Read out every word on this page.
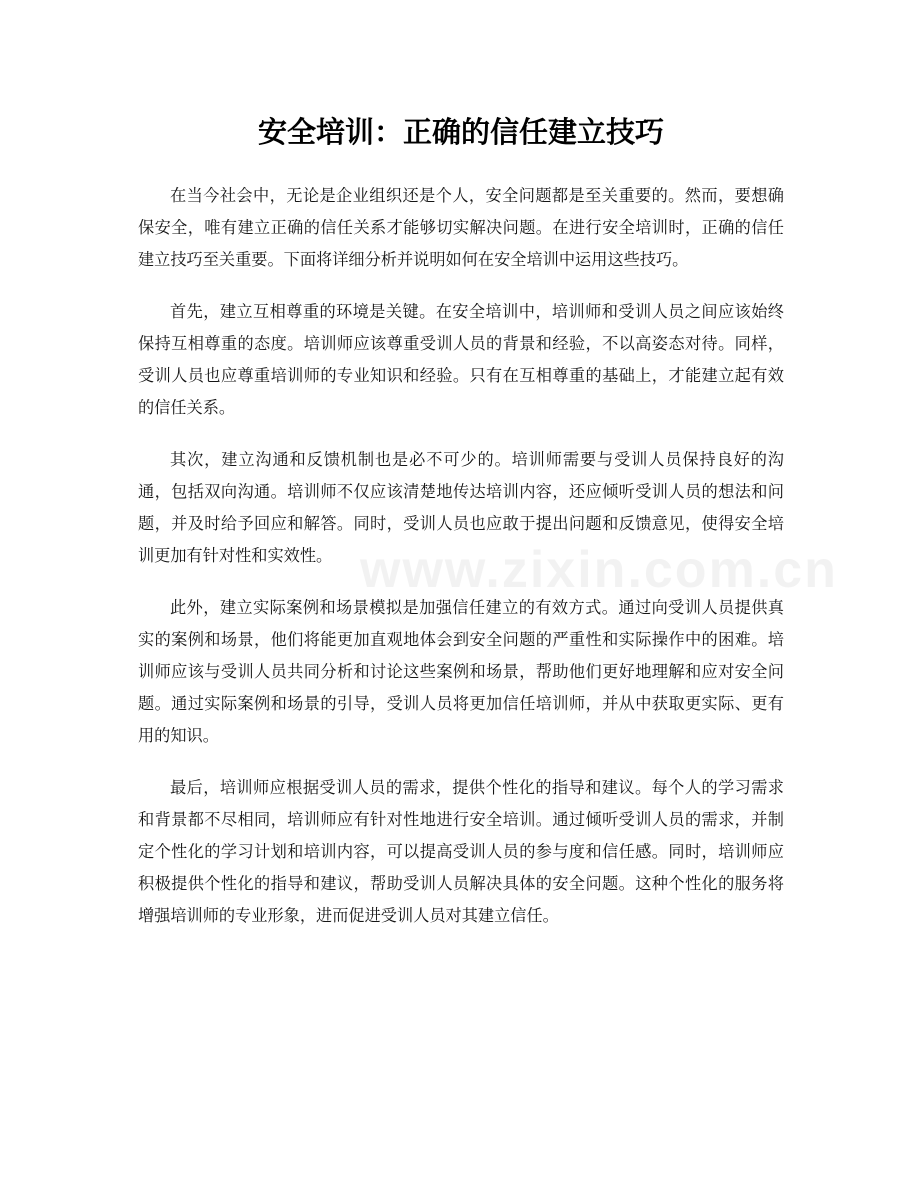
安全培训：正确的信任建立技巧

在当今社会中，无论是企业组织还是个人，安全问题都是至关重要的。然而，要想确保安全，唯有建立正确的信任关系才能够切实解决问题。在进行安全培训时，正确的信任建立技巧至关重要。下面将详细分析并说明如何在安全培训中运用这些技巧。

首先，建立互相尊重的环境是关键。在安全培训中，培训师和受训人员之间应该始终保持互相尊重的态度。培训师应该尊重受训人员的背景和经验，不以高姿态对待。同样，受训人员也应尊重培训师的专业知识和经验。只有在互相尊重的基础上，才能建立起有效的信任关系。

其次，建立沟通和反馈机制也是必不可少的。培训师需要与受训人员保持良好的沟通，包括双向沟通。培训师不仅应该清楚地传达培训内容，还应倾听受训人员的想法和问题，并及时给予回应和解答。同时，受训人员也应敢于提出问题和反馈意见，使得安全培训更加有针对性和实效性。

此外，建立实际案例和场景模拟是加强信任建立的有效方式。通过向受训人员提供真实的案例和场景，他们将能更加直观地体会到安全问题的严重性和实际操作中的困难。培训师应该与受训人员共同分析和讨论这些案例和场景，帮助他们更好地理解和应对安全问题。通过实际案例和场景的引导，受训人员将更加信任培训师，并从中获取更实际、更有用的知识。

最后，培训师应根据受训人员的需求，提供个性化的指导和建议。每个人的学习需求和背景都不尽相同，培训师应有针对性地进行安全培训。通过倾听受训人员的需求，并制定个性化的学习计划和培训内容，可以提高受训人员的参与度和信任感。同时，培训师应积极提供个性化的指导和建议，帮助受训人员解决具体的安全问题。这种个性化的服务将增强培训师的专业形象，进而促进受训人员对其建立信任。

www.zixin.com.cn
